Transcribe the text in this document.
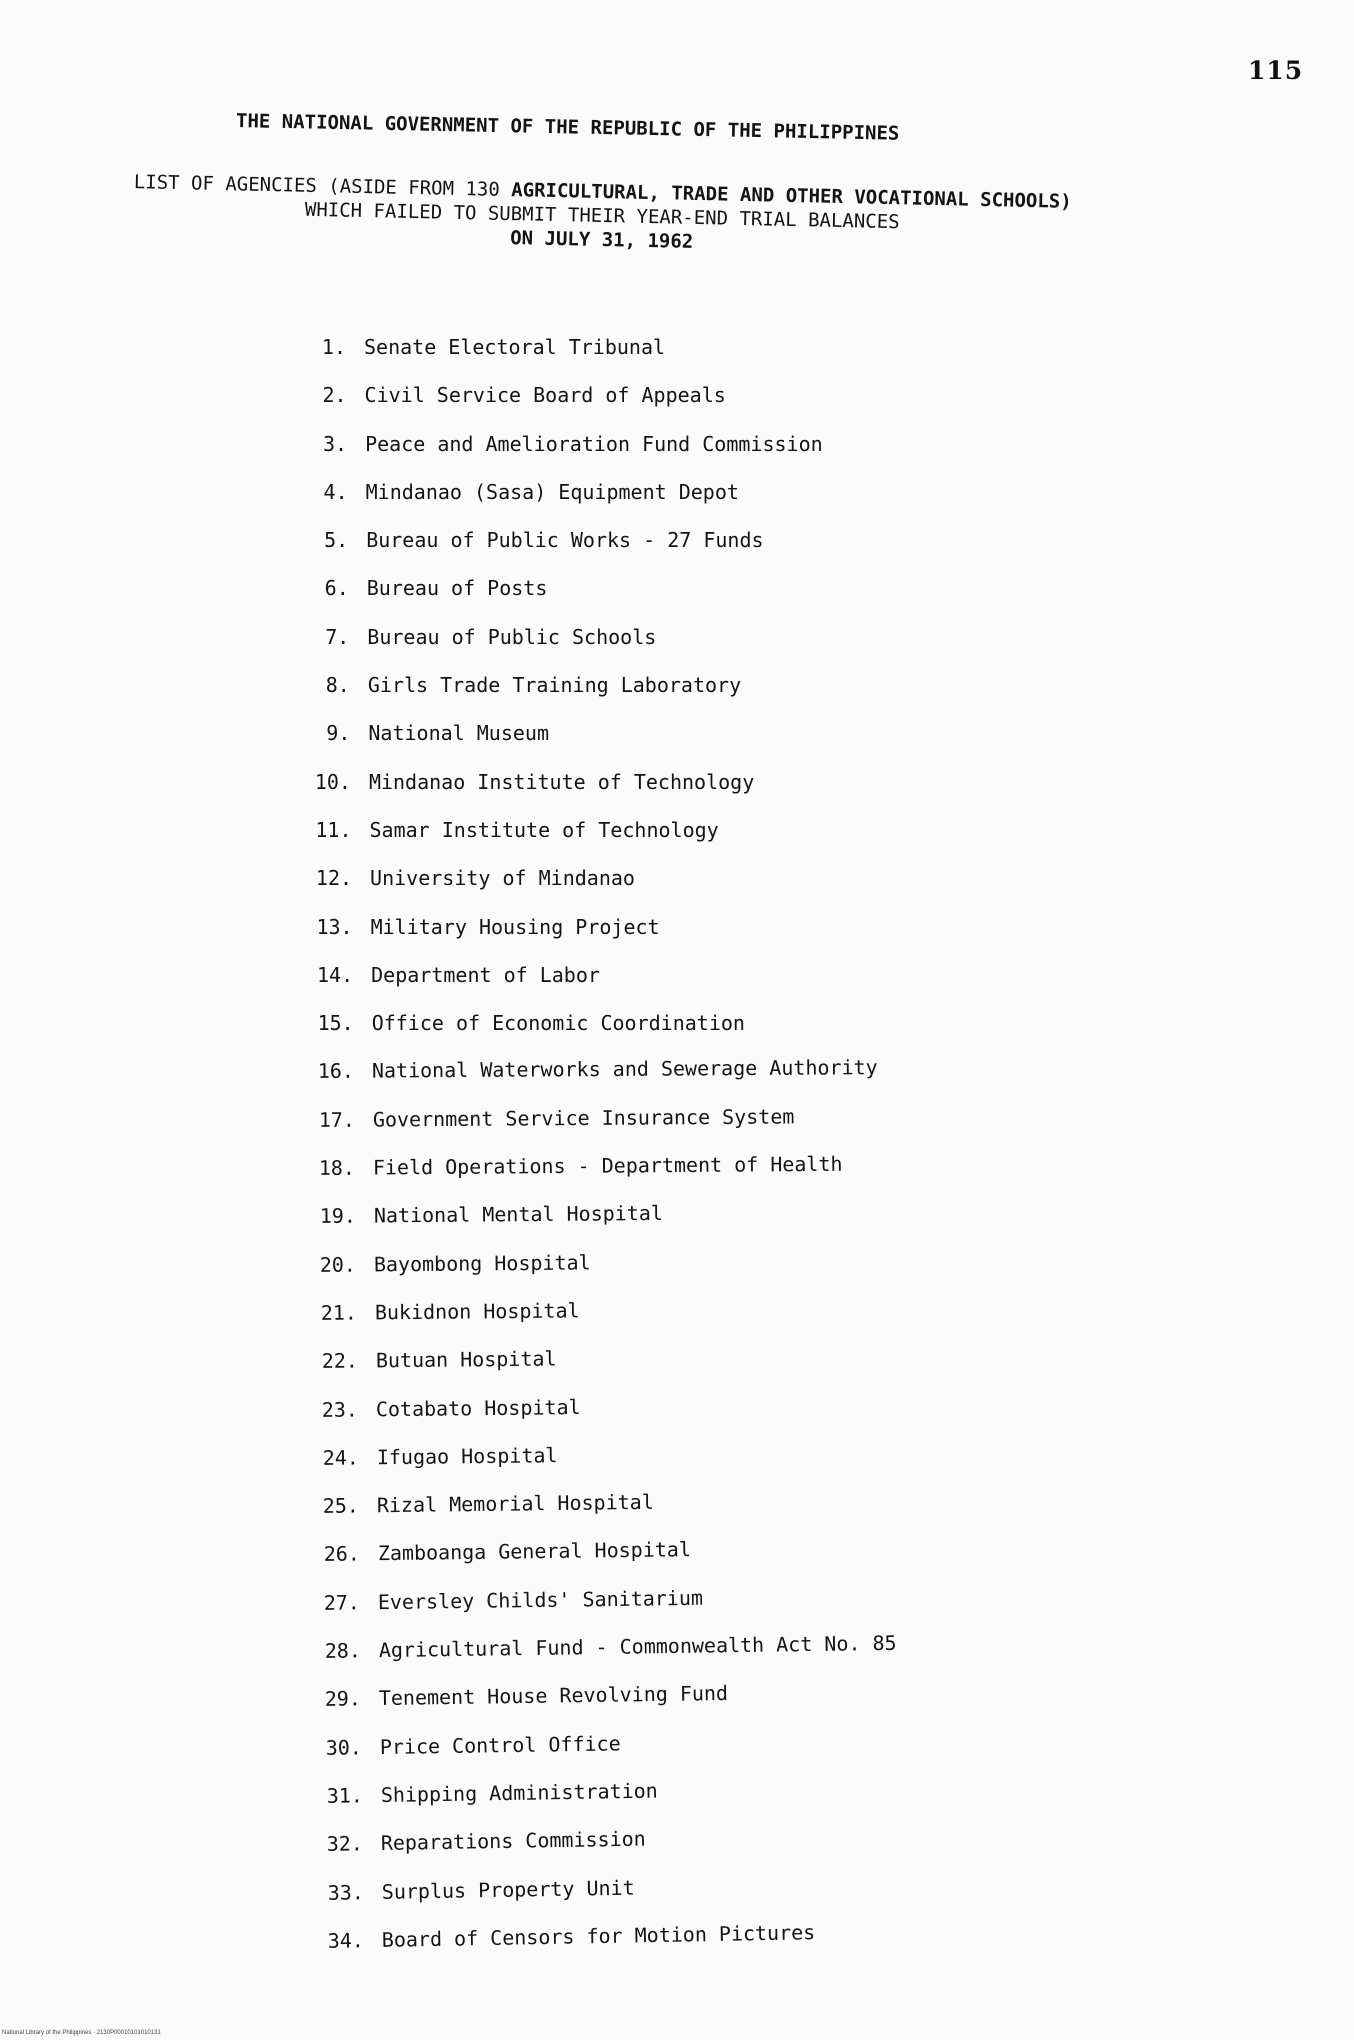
115
THE NATIONAL GOVERNMENT OF THE REPUBLIC OF THE PHILIPPINES
LIST OF AGENCIES (ASIDE FROM 130 AGRICULTURAL, TRADE AND OTHER VOCATIONAL SCHOOLS)
WHICH FAILED TO SUBMIT THEIR YEAR-END TRIAL BALANCES
ON JULY 31, 1962
1. Senate Electoral Tribunal
2. Civil Service Board of Appeals
3. Peace and Amelioration Fund Commission
4. Mindanao (Sasa) Equipment Depot
5. Bureau of Public Works - 27 Funds
6. Bureau of Posts
7. Bureau of Public Schools
8. Girls Trade Training Laboratory
9. National Museum
10. Mindanao Institute of Technology
11. Samar Institute of Technology
12. University of Mindanao
13. Military Housing Project
14. Department of Labor
15. Office of Economic Coordination
16. National Waterworks and Sewerage Authority
17. Government Service Insurance System
18. Field Operations - Department of Health
19. National Mental Hospital
20. Bayombong Hospital
21. Bukidnon Hospital
22. Butuan Hospital
23. Cotabato Hospital
24. Ifugao Hospital
25. Rizal Memorial Hospital
26. Zamboanga General Hospital
27. Eversley Childs' Sanitarium
28. Agricultural Fund - Commonwealth Act No. 85
29. Tenement House Revolving Fund
30. Price Control Office
31. Shipping Administration
32. Reparations Commission
33. Surplus Property Unit
34. Board of Censors for Motion Pictures
National Library of the Philippines · 2130P00010101010131
